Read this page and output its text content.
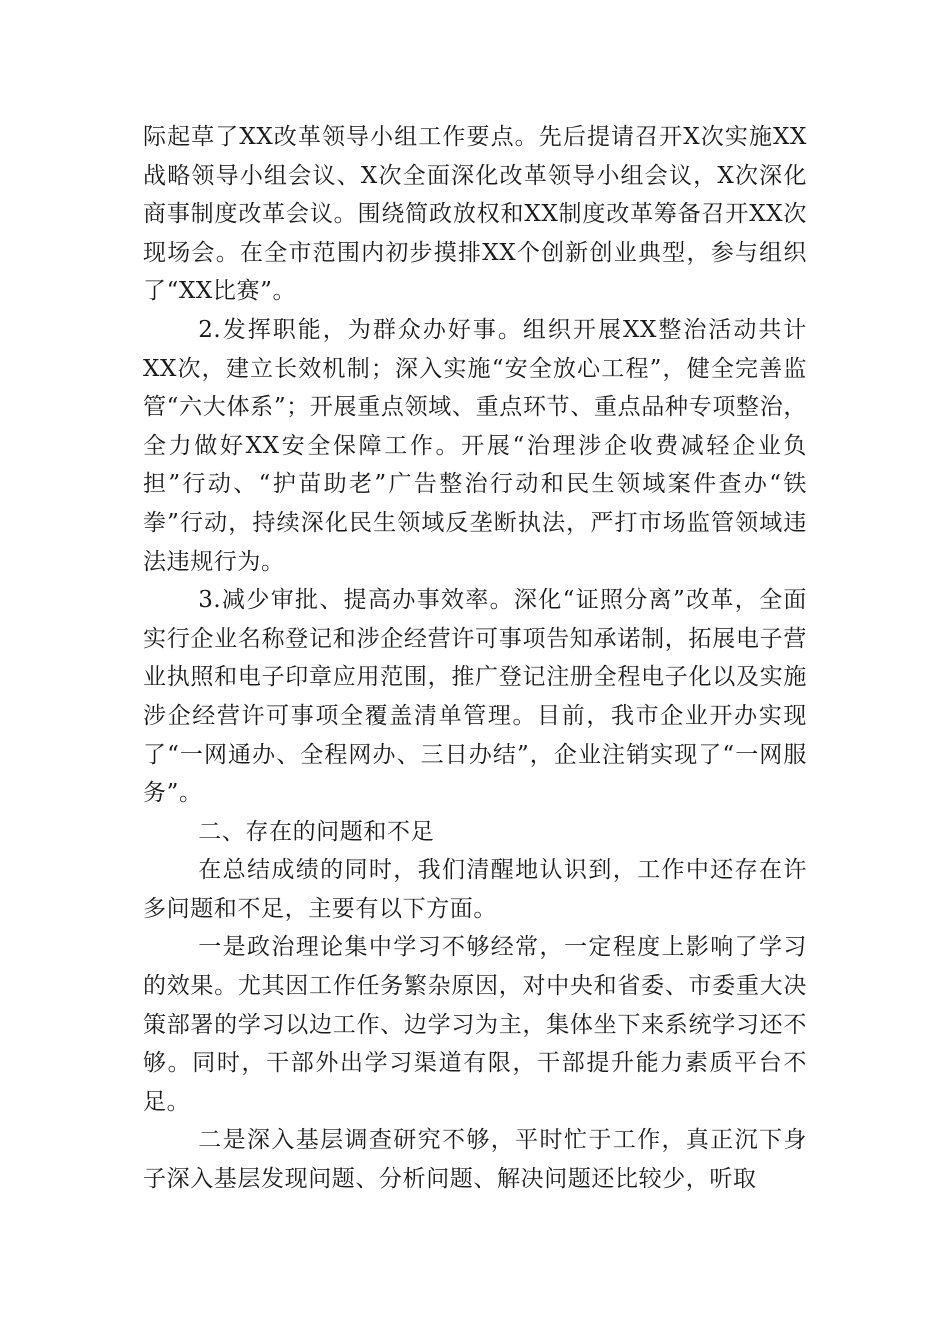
际起草了XX改革领导小组工作要点。先后提请召开X次实施XX战略领导小组会议、X次全面深化改革领导小组会议，X次深化商事制度改革会议。围绕简政放权和XX制度改革筹备召开XX次现场会。在全市范围内初步摸排XX个创新创业典型，参与组织了“XX比赛”。

2.发挥职能，为群众办好事。组织开展XX整治活动共计XX次，建立长效机制；深入实施“安全放心工程”，健全完善监管“六大体系”；开展重点领域、重点环节、重点品种专项整治，全力做好XX安全保障工作。开展“治理涉企收费减轻企业负担”行动、“护苗助老”广告整治行动和民生领域案件查办“铁拳”行动，持续深化民生领域反垄断执法，严打市场监管领域违法违规行为。

3.减少审批、提高办事效率。深化“证照分离”改革，全面实行企业名称登记和涉企经营许可事项告知承诺制，拓展电子营业执照和电子印章应用范围，推广登记注册全程电子化以及实施涉企经营许可事项全覆盖清单管理。目前，我市企业开办实现了“一网通办、全程网办、三日办结”，企业注销实现了“一网服务”。

二、存在的问题和不足

在总结成绩的同时，我们清醒地认识到，工作中还存在许多问题和不足，主要有以下方面。

一是政治理论集中学习不够经常，一定程度上影响了学习的效果。尤其因工作任务繁杂原因，对中央和省委、市委重大决策部署的学习以边工作、边学习为主，集体坐下来系统学习还不够。同时，干部外出学习渠道有限，干部提升能力素质平台不足。

二是深入基层调查研究不够，平时忙于工作，真正沉下身子深入基层发现问题、分析问题、解决问题还比较少，听取
